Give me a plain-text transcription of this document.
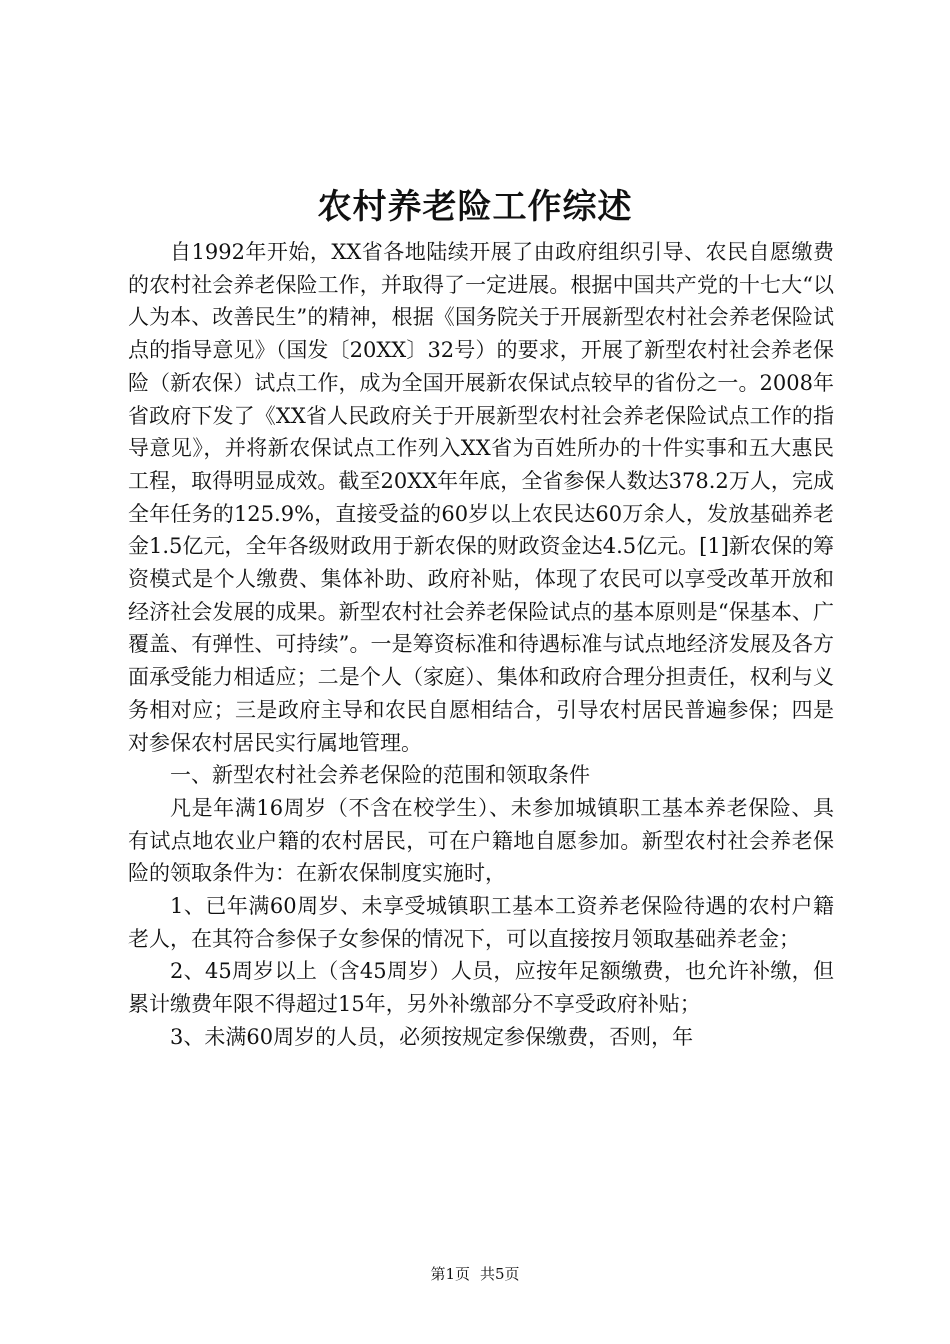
农村养老险工作综述

自1992年开始，XX省各地陆续开展了由政府组织引导、农民自愿缴费的农村社会养老保险工作，并取得了一定进展。根据中国共产党的十七大“以人为本、改善民生”的精神，根据《国务院关于开展新型农村社会养老保险试点的指导意见》（国发〔20XX〕32号）的要求，开展了新型农村社会养老保险（新农保）试点工作，成为全国开展新农保试点较早的省份之一。2008年省政府下发了《XX省人民政府关于开展新型农村社会养老保险试点工作的指导意见》，并将新农保试点工作列入XX省为百姓所办的十件实事和五大惠民工程，取得明显成效。截至20XX年年底，全省参保人数达378.2万人，完成全年任务的125.9%，直接受益的60岁以上农民达60万余人，发放基础养老金1.5亿元，全年各级财政用于新农保的财政资金达4.5亿元。[1]新农保的筹资模式是个人缴费、集体补助、政府补贴，体现了农民可以享受改革开放和经济社会发展的成果。新型农村社会养老保险试点的基本原则是“保基本、广覆盖、有弹性、可持续”。一是筹资标准和待遇标准与试点地经济发展及各方面承受能力相适应；二是个人（家庭）、集体和政府合理分担责任，权利与义务相对应；三是政府主导和农民自愿相结合，引导农村居民普遍参保；四是对参保农村居民实行属地管理。

一、新型农村社会养老保险的范围和领取条件

凡是年满16周岁（不含在校学生）、未参加城镇职工基本养老保险、具有试点地农业户籍的农村居民，可在户籍地自愿参加。新型农村社会养老保险的领取条件为：在新农保制度实施时，

1、已年满60周岁、未享受城镇职工基本工资养老保险待遇的农村户籍老人，在其符合参保子女参保的情况下，可以直接按月领取基础养老金；

2、45周岁以上（含45周岁）人员，应按年足额缴费，也允许补缴，但累计缴费年限不得超过15年，另外补缴部分不享受政府补贴；

3、未满60周岁的人员，必须按规定参保缴费，否则，年

第1页 共5页
